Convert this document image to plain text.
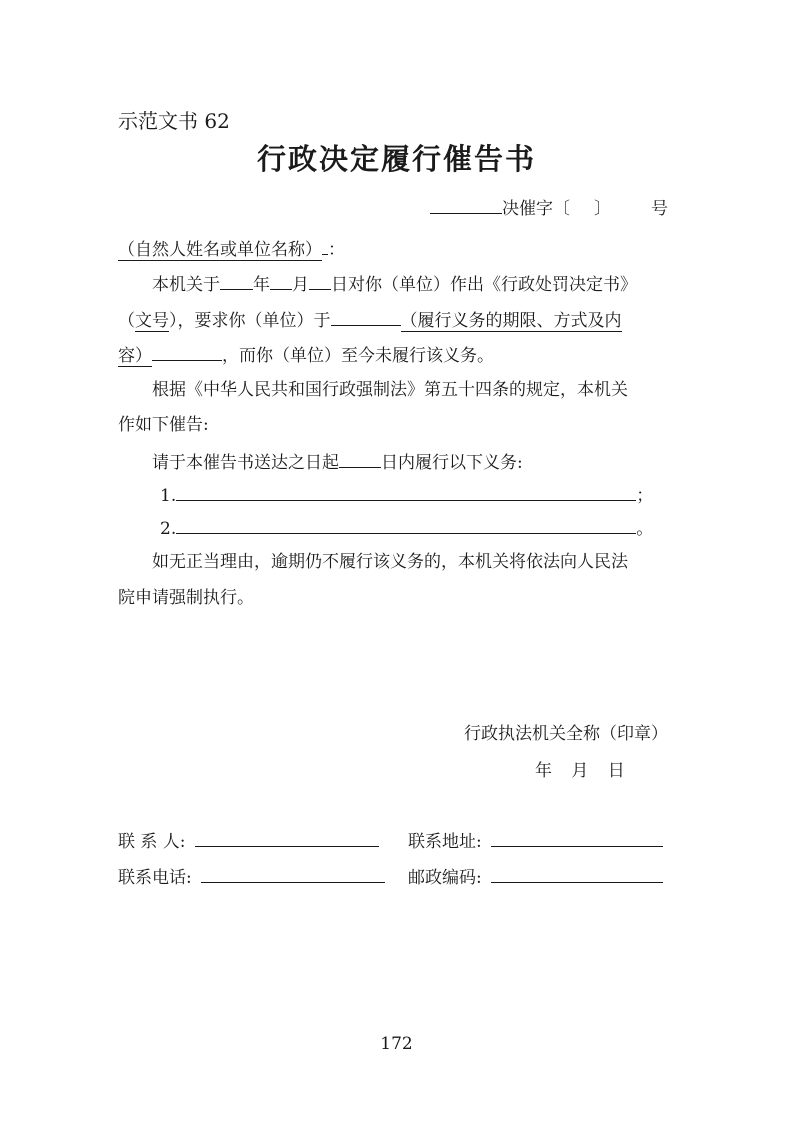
示范文书 62
行政决定履行催告书
决催字〔 〕 号
（自然人姓名或单位名称） ：
本机关于 年 月 日对你（单位）作出《行政处罚决定书》
（文号），要求你（单位）于	（履行义务的期限、方式及内
容）	，而你（单位）至今未履行该义务。
根据《中华人民共和国行政强制法》第五十四条的规定，本机关
作如下催告:
请于本催告书送达之日起 日内履行以下义务:
1.	；
2.	。
如无正当理由，逾期仍不履行该义务的，本机关将依法向人民法
院申请强制执行。
行政执法机关全称（印章）
年 月 日
联 系 人:	联系地址:
联系电话:	邮政编码:
172
